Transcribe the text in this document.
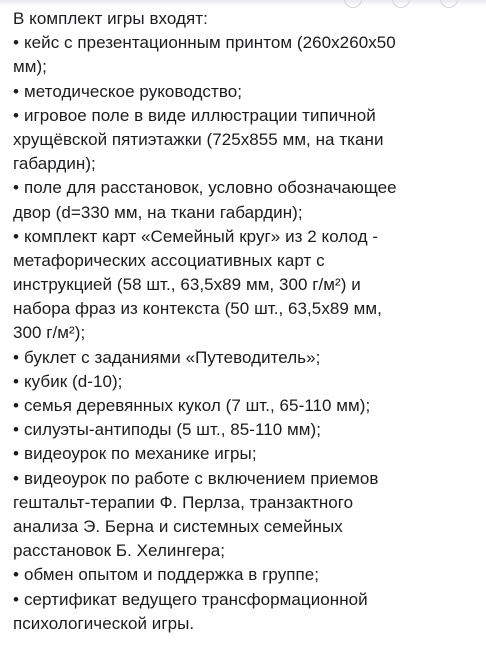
В комплект игры входят:
• кейс с презентационным принтом (260х260х50
мм);
• методическое руководство;
• игровое поле в виде иллюстрации типичной
хрущёвской пятиэтажки (725х855 мм, на ткани
габардин);
• поле для расстановок, условно обозначающее
двор (d=330 мм, на ткани габардин);
• комплект карт «Семейный круг» из 2 колод -
метафорических ассоциативных карт с
инструкцией (58 шт., 63,5х89 мм, 300 г/м²) и
набора фраз из контекста (50 шт., 63,5х89 мм,
300 г/м²);
• буклет с заданиями «Путеводитель»;
• кубик (d-10);
• семья деревянных кукол (7 шт., 65-110 мм);
• силуэты-антиподы (5 шт., 85-110 мм);
• видеоурок по механике игры;
• видеоурок по работе с включением приемов
гештальт-терапии Ф. Перлза, транзактного
анализа Э. Берна и системных семейных
расстановок Б. Хелингера;
• обмен опытом и поддержка в группе;
• сертификат ведущего трансформационной
психологической игры.
